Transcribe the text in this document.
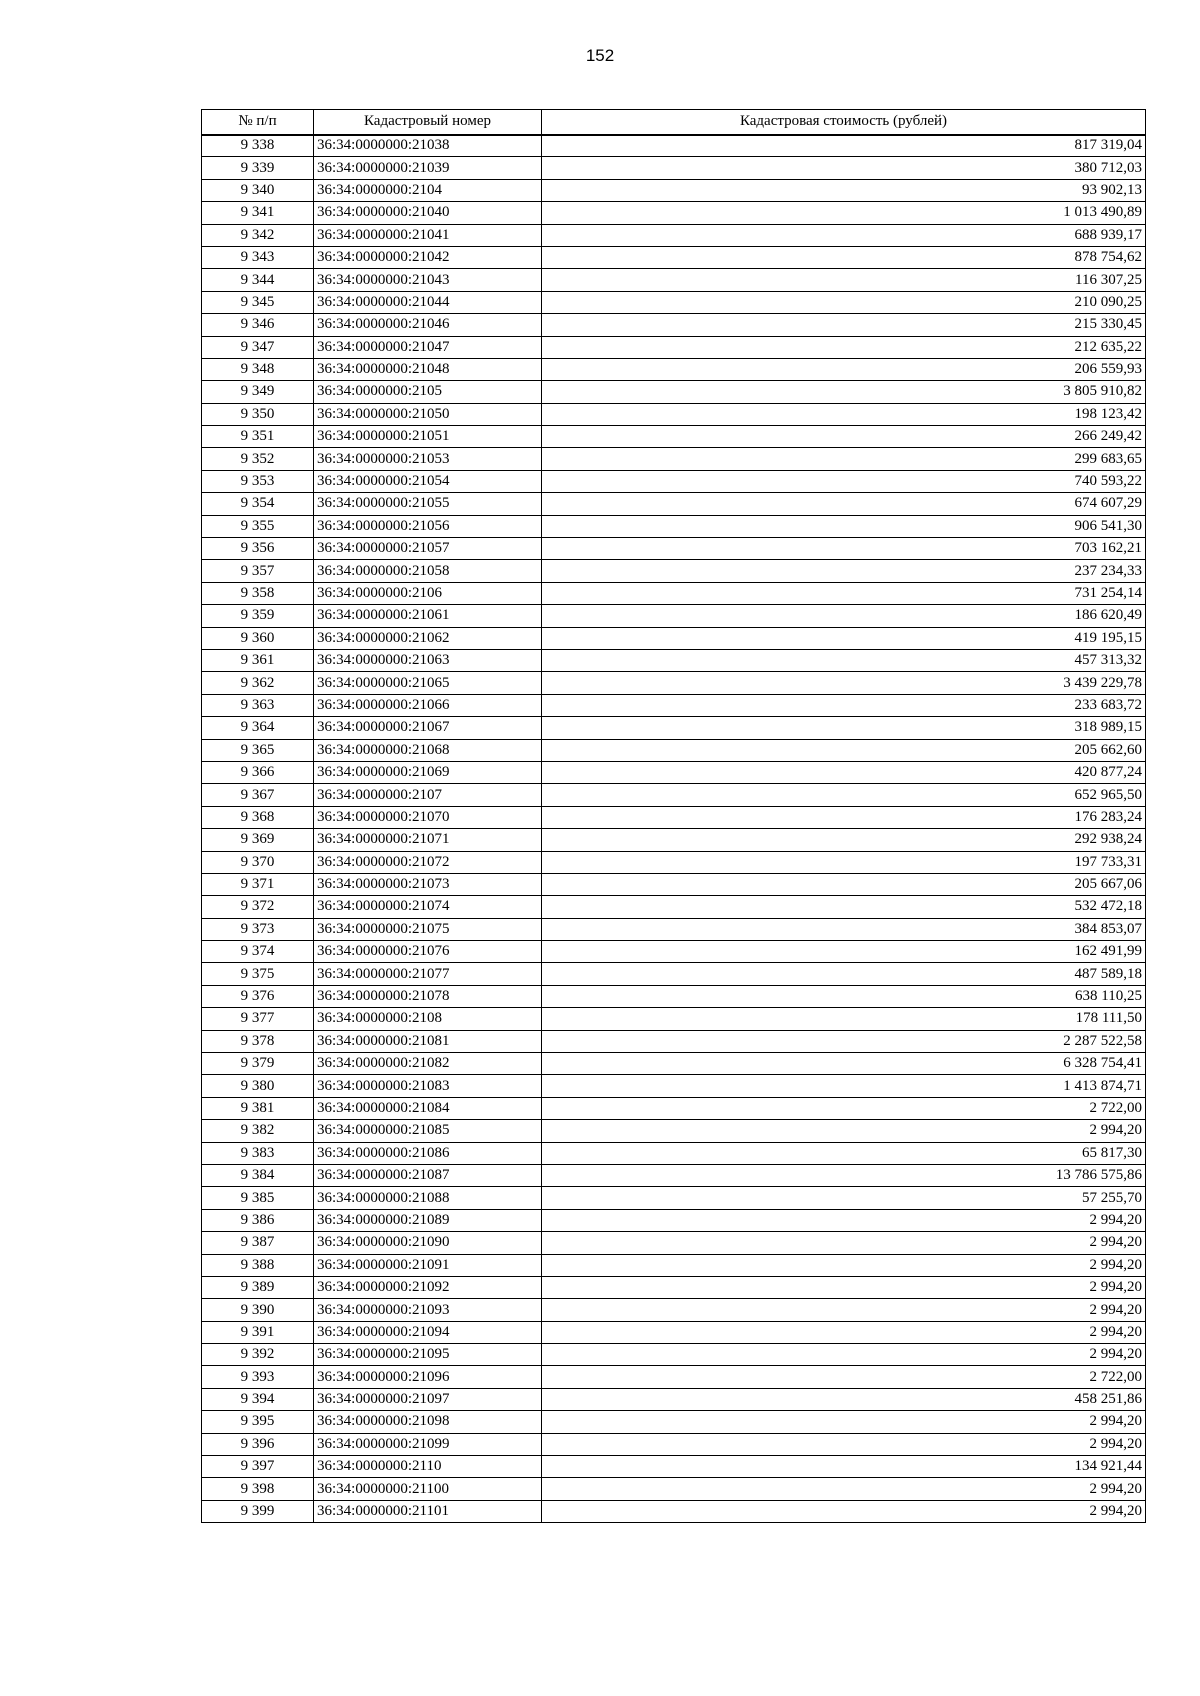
152
№ п/п	Кадастровый номер	Кадастровая стоимость (рублей)
9 338	36:34:0000000:21038	817 319,04
9 339	36:34:0000000:21039	380 712,03
9 340	36:34:0000000:2104	93 902,13
9 341	36:34:0000000:21040	1 013 490,89
9 342	36:34:0000000:21041	688 939,17
9 343	36:34:0000000:21042	878 754,62
9 344	36:34:0000000:21043	116 307,25
9 345	36:34:0000000:21044	210 090,25
9 346	36:34:0000000:21046	215 330,45
9 347	36:34:0000000:21047	212 635,22
9 348	36:34:0000000:21048	206 559,93
9 349	36:34:0000000:2105	3 805 910,82
9 350	36:34:0000000:21050	198 123,42
9 351	36:34:0000000:21051	266 249,42
9 352	36:34:0000000:21053	299 683,65
9 353	36:34:0000000:21054	740 593,22
9 354	36:34:0000000:21055	674 607,29
9 355	36:34:0000000:21056	906 541,30
9 356	36:34:0000000:21057	703 162,21
9 357	36:34:0000000:21058	237 234,33
9 358	36:34:0000000:2106	731 254,14
9 359	36:34:0000000:21061	186 620,49
9 360	36:34:0000000:21062	419 195,15
9 361	36:34:0000000:21063	457 313,32
9 362	36:34:0000000:21065	3 439 229,78
9 363	36:34:0000000:21066	233 683,72
9 364	36:34:0000000:21067	318 989,15
9 365	36:34:0000000:21068	205 662,60
9 366	36:34:0000000:21069	420 877,24
9 367	36:34:0000000:2107	652 965,50
9 368	36:34:0000000:21070	176 283,24
9 369	36:34:0000000:21071	292 938,24
9 370	36:34:0000000:21072	197 733,31
9 371	36:34:0000000:21073	205 667,06
9 372	36:34:0000000:21074	532 472,18
9 373	36:34:0000000:21075	384 853,07
9 374	36:34:0000000:21076	162 491,99
9 375	36:34:0000000:21077	487 589,18
9 376	36:34:0000000:21078	638 110,25
9 377	36:34:0000000:2108	178 111,50
9 378	36:34:0000000:21081	2 287 522,58
9 379	36:34:0000000:21082	6 328 754,41
9 380	36:34:0000000:21083	1 413 874,71
9 381	36:34:0000000:21084	2 722,00
9 382	36:34:0000000:21085	2 994,20
9 383	36:34:0000000:21086	65 817,30
9 384	36:34:0000000:21087	13 786 575,86
9 385	36:34:0000000:21088	57 255,70
9 386	36:34:0000000:21089	2 994,20
9 387	36:34:0000000:21090	2 994,20
9 388	36:34:0000000:21091	2 994,20
9 389	36:34:0000000:21092	2 994,20
9 390	36:34:0000000:21093	2 994,20
9 391	36:34:0000000:21094	2 994,20
9 392	36:34:0000000:21095	2 994,20
9 393	36:34:0000000:21096	2 722,00
9 394	36:34:0000000:21097	458 251,86
9 395	36:34:0000000:21098	2 994,20
9 396	36:34:0000000:21099	2 994,20
9 397	36:34:0000000:2110	134 921,44
9 398	36:34:0000000:21100	2 994,20
9 399	36:34:0000000:21101	2 994,20
